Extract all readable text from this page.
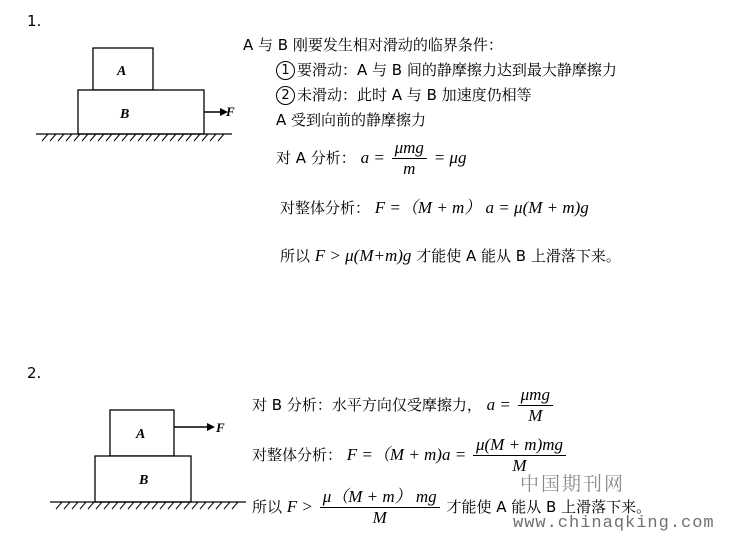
1.
A
B	F
A 与 B 刚要发生相对滑动的临界条件：
1 要滑动：A 与 B 间的静摩擦力达到最大静摩擦力
2 未滑动：此时 A 与 B 加速度仍相等
A 受到向前的静摩擦力
对 A 分析： $a = \frac{\text{μmg}}{m} = \mu g$
对整体分析： F =（M + m） a = μ(M + m)g
所以 F > μ(M+m)g 才能使 A 能从 B 上滑落下来。
2.
A
B
F
对 B 分析：水平方向仅受摩擦力， $a = \frac{\text{μmg}}{M}$
对整体分析： $F =(M + m)a = \frac{\mu(M + m)mg}{M}$
所以 $F > \frac{\mu(M + m) mg}{M}$ 才能使 A 能从 B 上滑落下来。
中国期刊网
www.chinaqking.com
